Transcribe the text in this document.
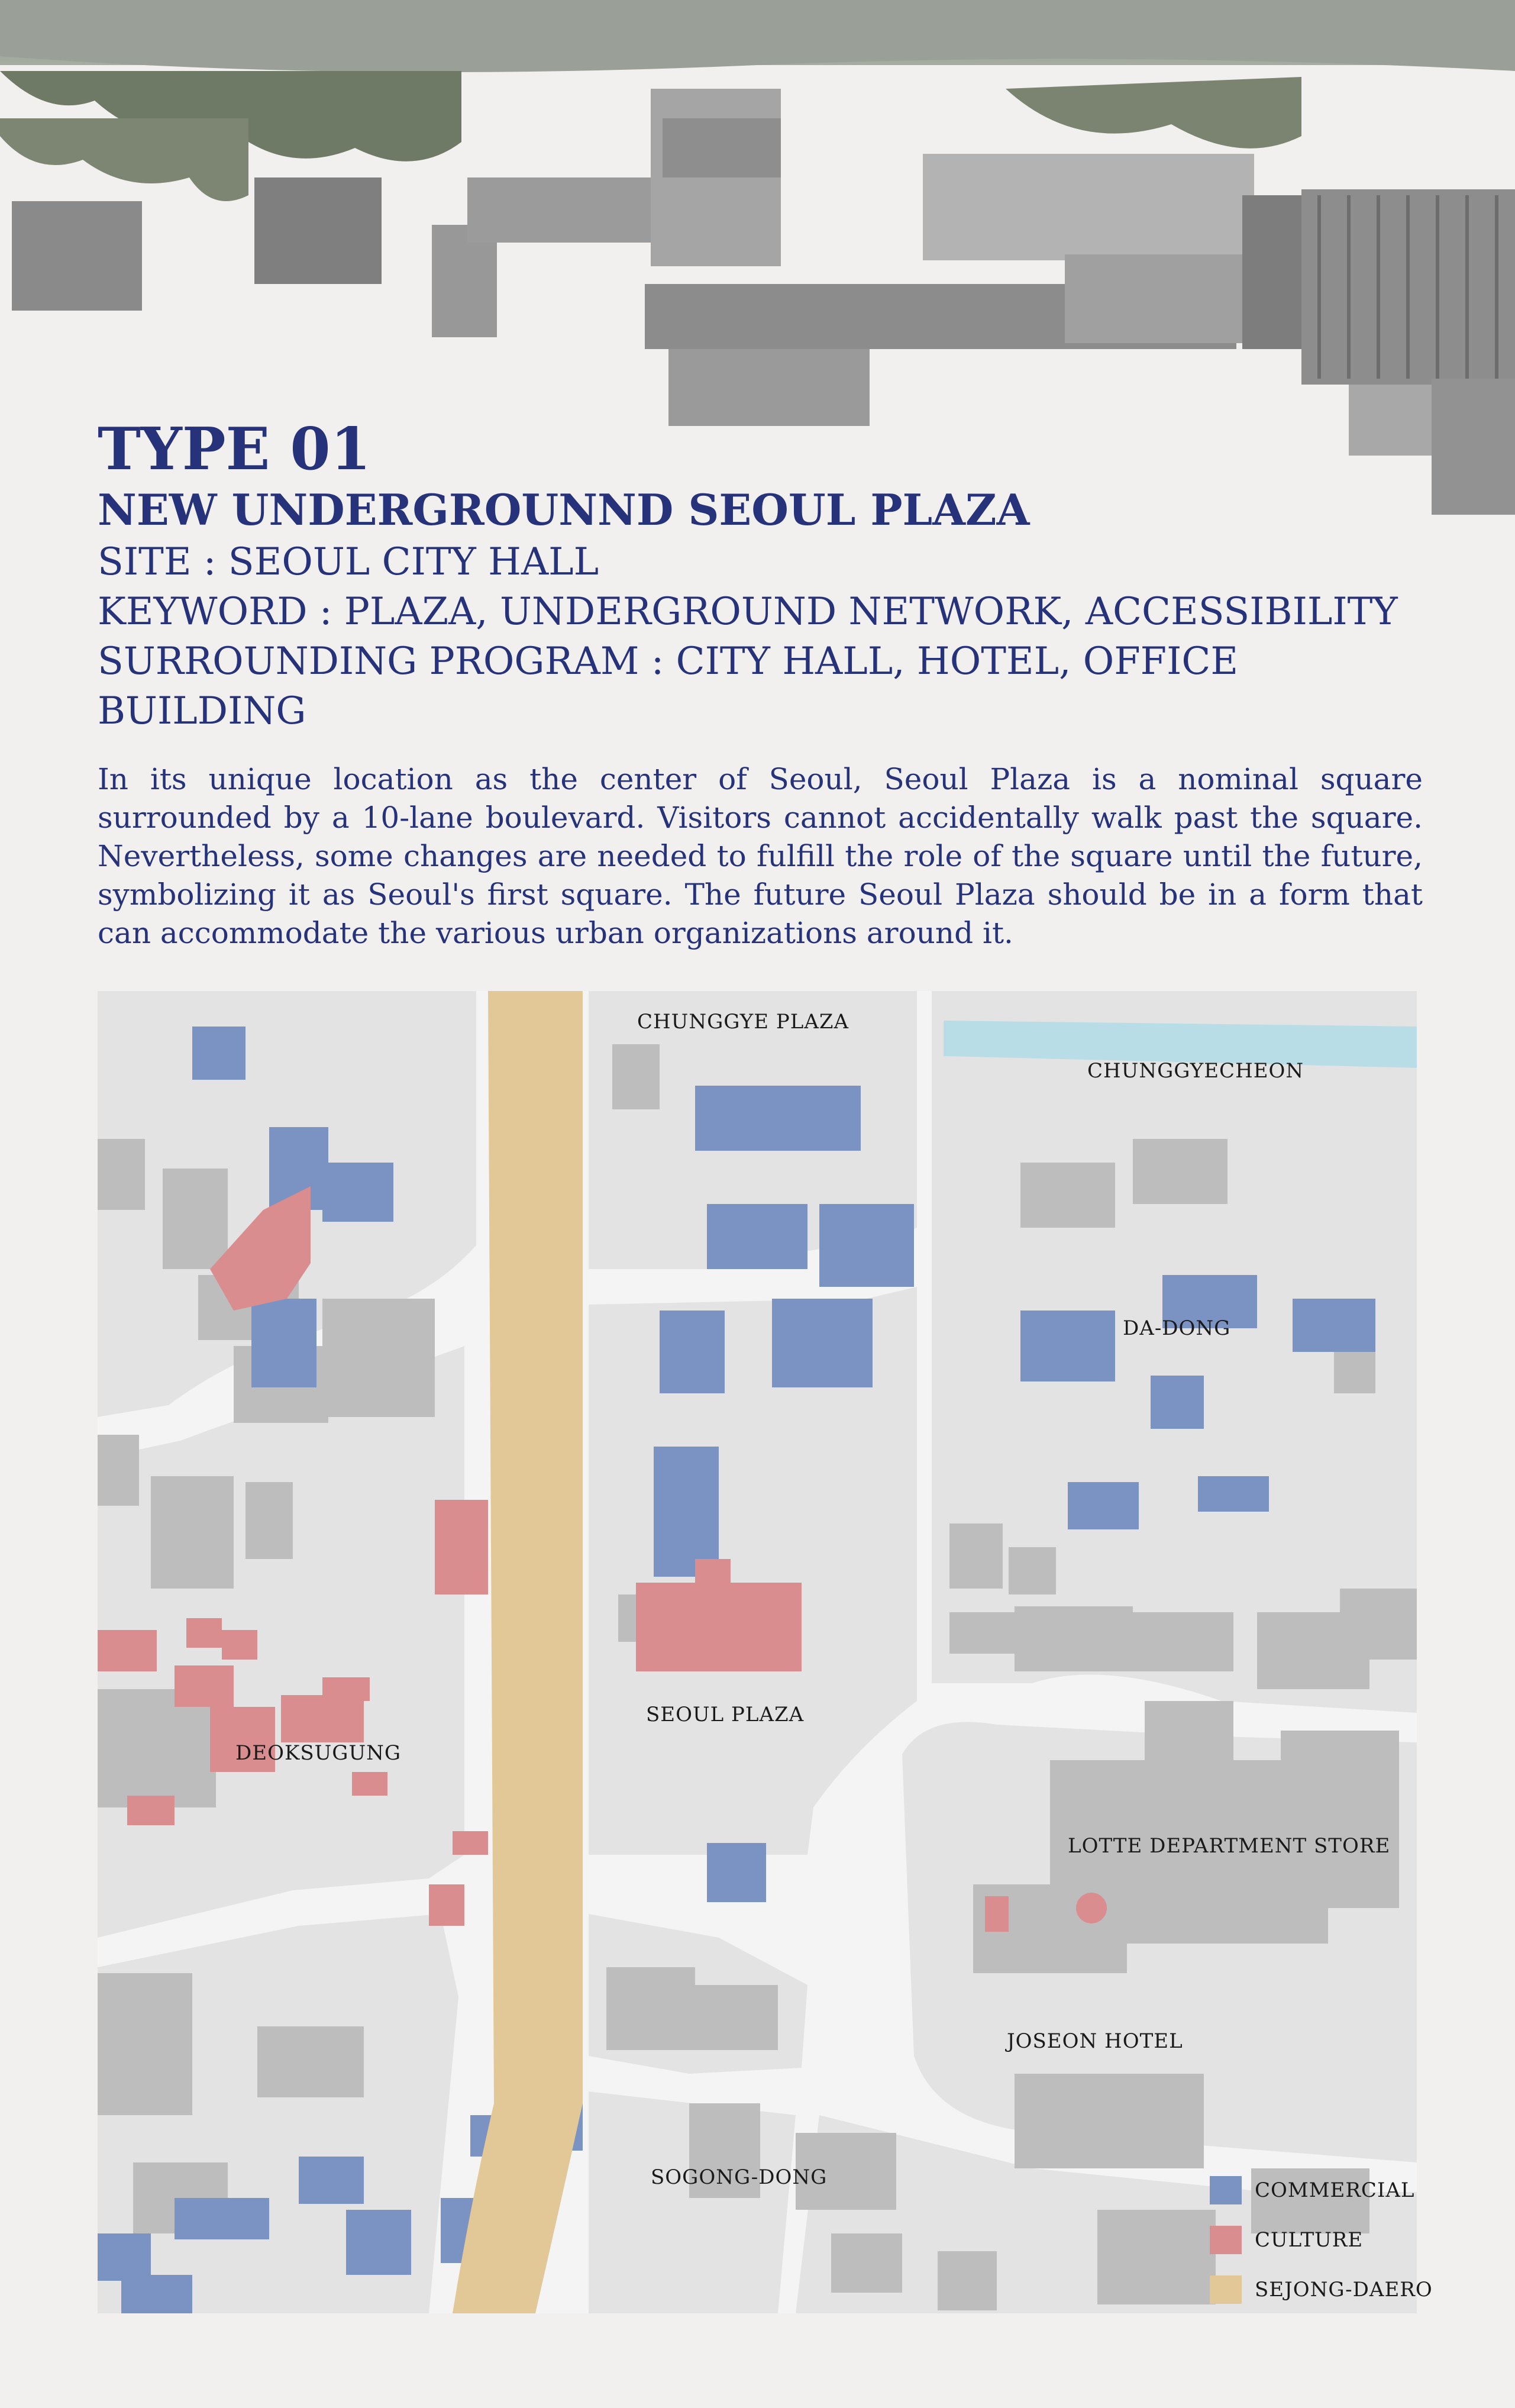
TYPE 01
NEW UNDERGROUNND SEOUL PLAZA

SITE : SEOUL CITY HALL

KEYWORD : PLAZA, UNDERGROUND NETWORK, ACCESSIBILITY

SURROUNDING PROGRAM : CITY HALL, HOTEL, OFFICE BUILDING

In its unique location as the center of Seoul, Seoul Plaza is a nominal square surrounded by a 10-lane boulevard. Visitors cannot accidentally walk past the square. Nevertheless, some changes are needed to fulfill the role of the square until the future, symbolizing it as Seoul's first square. The future Seoul Plaza should be in a form that can accommodate the various urban organizations around it.

CHUNGGYE PLAZA
CHUNGGYECHEON
DA-DONG
SEOUL PLAZA
DEOKSUGUNG
LOTTE DEPARTMENT STORE
JOSEON HOTEL
SOGONG-DONG
COMMERCIAL
CULTURE
SEJONG-DAERO
